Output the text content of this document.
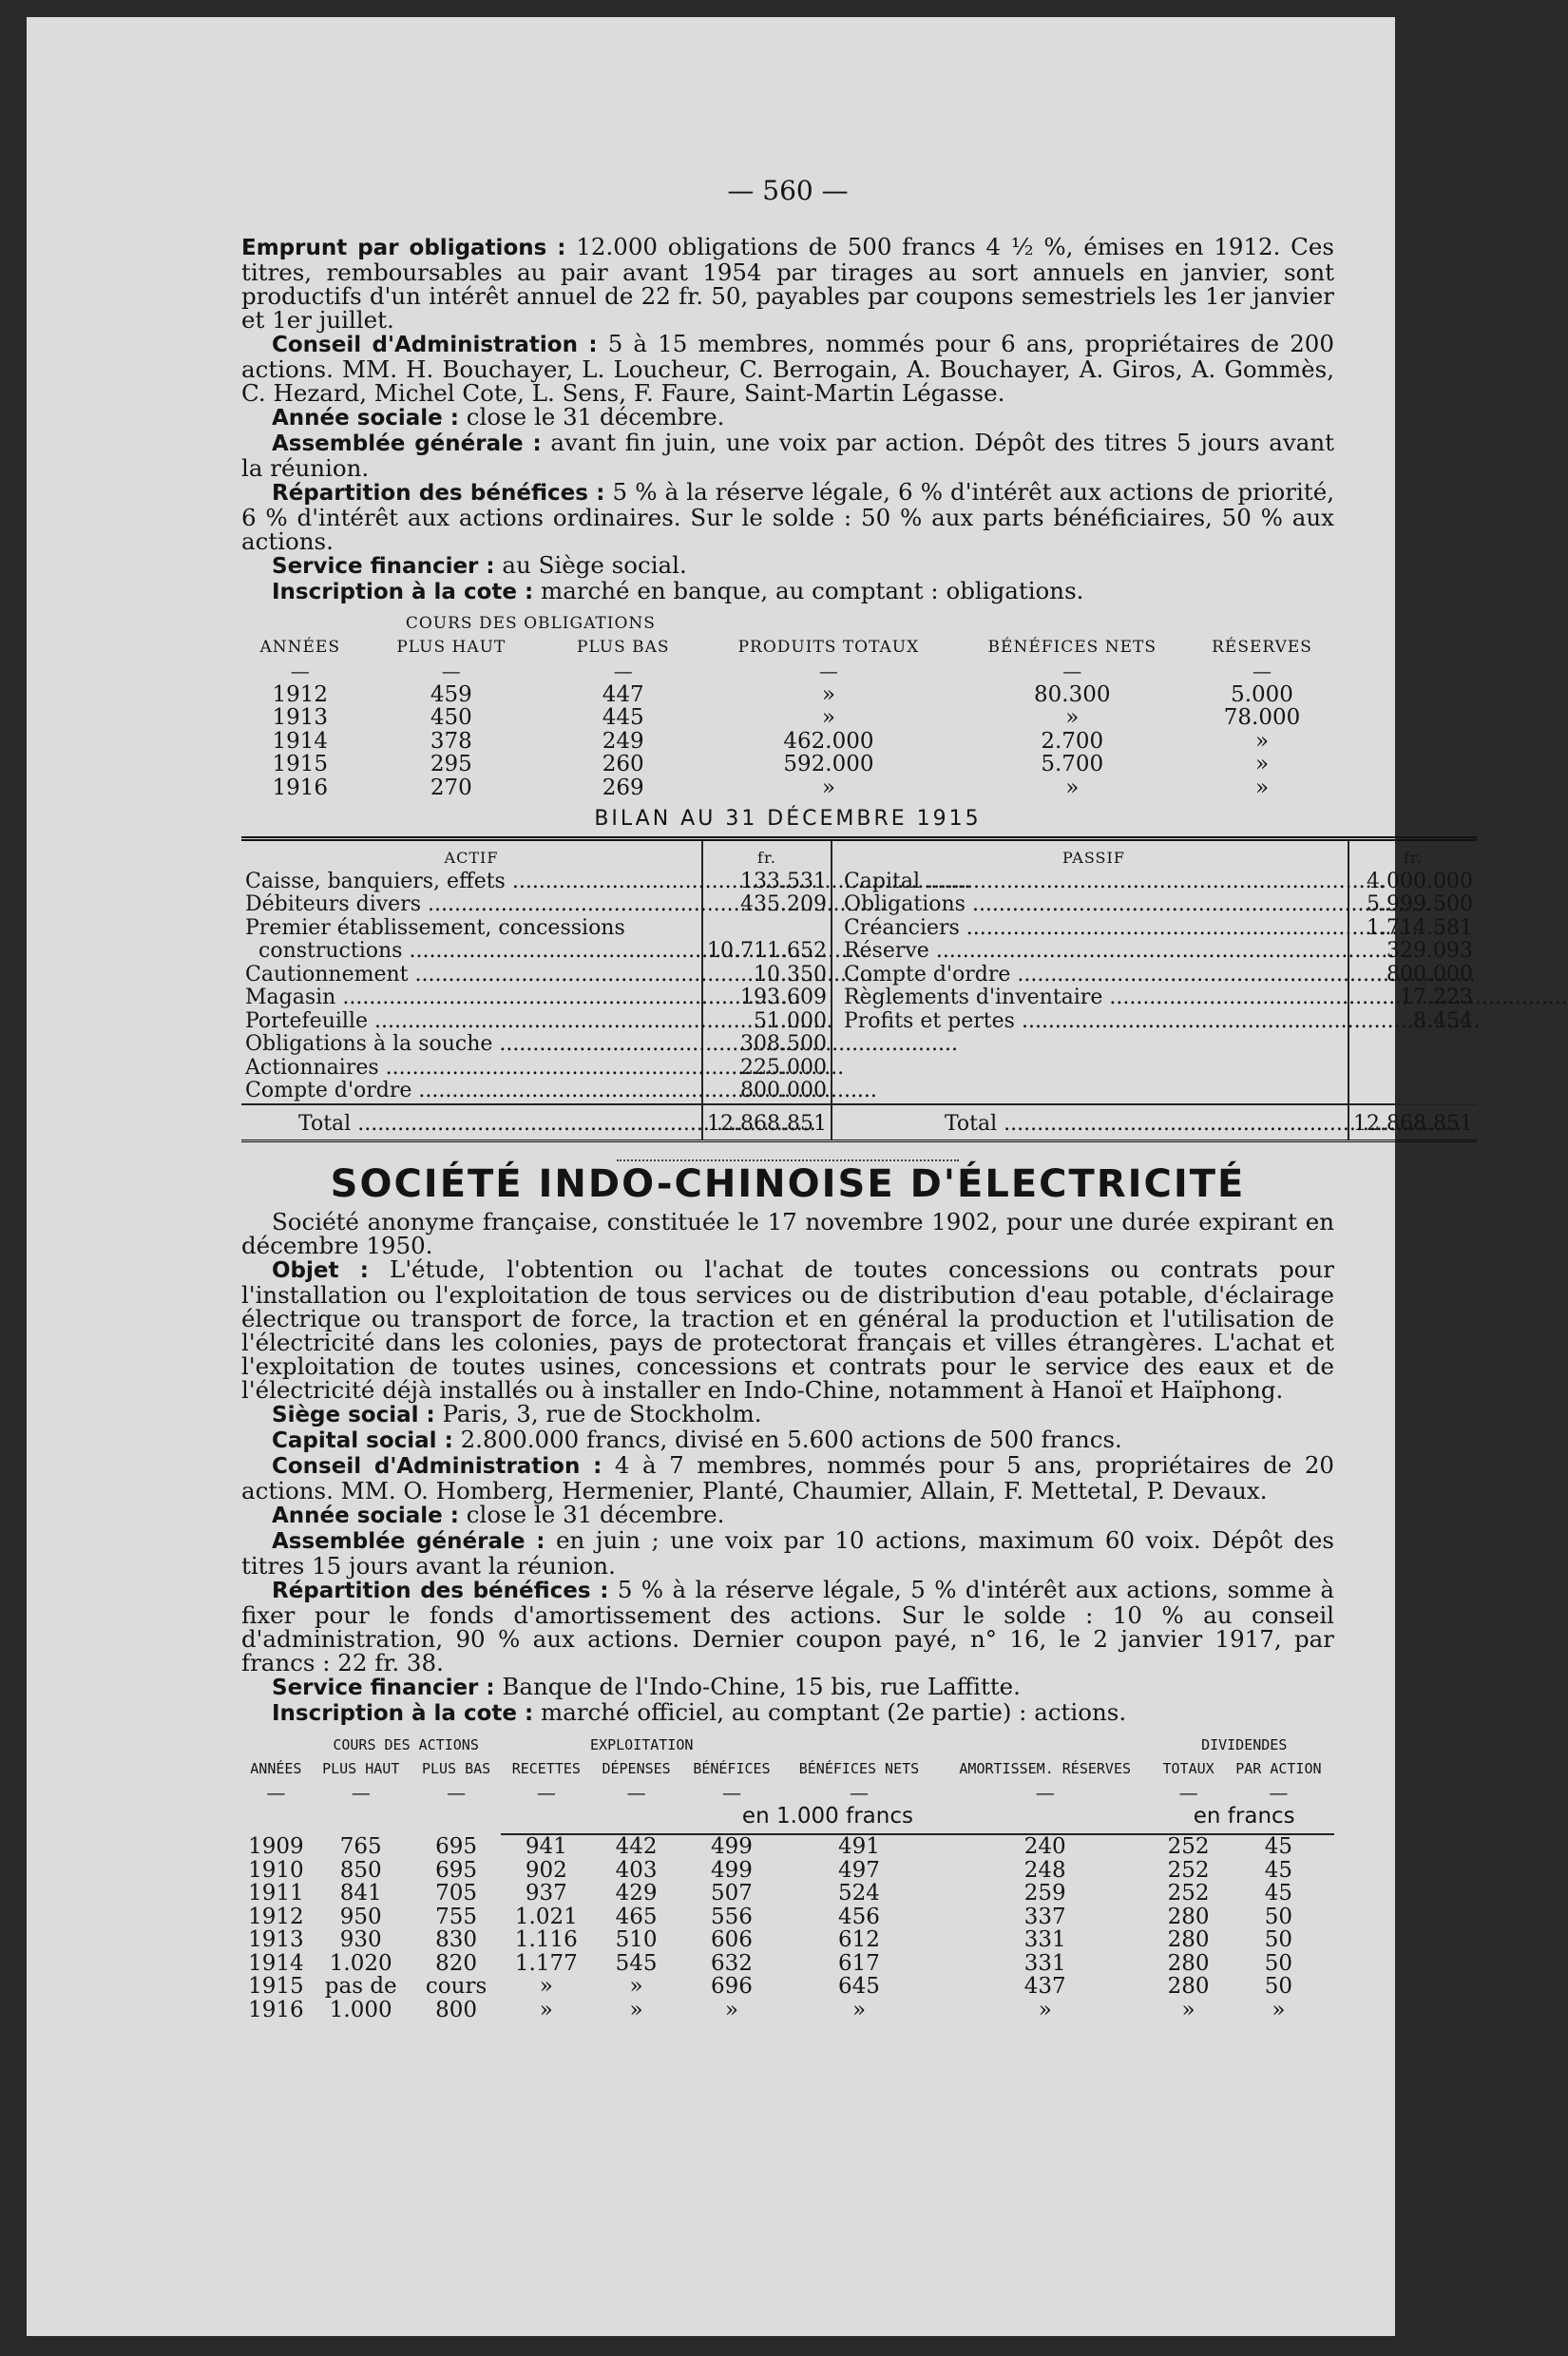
— 560 —

Emprunt par obligations : 12.000 obligations de 500 francs 4 ½ %, émises en 1912. Ces titres, remboursables au pair avant 1954 par tirages au sort annuels en janvier, sont productifs d'un intérêt annuel de 22 fr. 50, payables par coupons semestriels les 1er janvier et 1er juillet.

Conseil d'Administration : 5 à 15 membres, nommés pour 6 ans, propriétaires de 200 actions. MM. H. Bouchayer, L. Loucheur, C. Berrogain, A. Bouchayer, A. Giros, A. Gommès, C. Hezard, Michel Cote, L. Sens, F. Faure, Saint-Martin Légasse.

Année sociale : close le 31 décembre.

Assemblée générale : avant fin juin, une voix par action. Dépôt des titres 5 jours avant la réunion.

Répartition des bénéfices : 5 % à la réserve légale, 6 % d'intérêt aux actions de priorité, 6 % d'intérêt aux actions ordinaires. Sur le solde : 50 % aux parts bénéficiaires, 50 % aux actions.

Service financier : au Siège social.

Inscription à la cote : marché en banque, au comptant : obligations.

	COURS DES OBLIGATIONS				
ANNÉES	PLUS HAUT	PLUS BAS	PRODUITS TOTAUX	BÉNÉFICES NETS	RÉSERVES
—	—	—	—	—	—
1912	459	447	»	80.300	5.000
1913	450	445	»	»	78.000
1914	378	249	462.000	2.700	»
1915	295	260	592.000	5.700	»
1916	270	269	»	»	»
BILAN AU 31 DÉCEMBRE 1915
ACTIF	fr.		PASSIF	fr.
Caisse, banquiers, effets .....	133.531		Capital .....	4.000.000
Débiteurs divers .....	435.209		Obligations .....	5.999.500
Premier établissement, concessions			Créanciers .....	1.714.581
constructions .....	10.711.652		Réserve .....	329.093
Cautionnement .....	10.350		Compte d'ordre .....	800.000
Magasin .....	193.609		Règlements d'inventaire .....	17.223
Portefeuille .....	51.000		Profits et pertes .....	8.454
Obligations à la souche .....	308.500			
Actionnaires .....	225.000			
Compte d'ordre .....	800.000			
Total .....	12.868.851		Total .....	12.868.851
SOCIÉTÉ INDO-CHINOISE D'ÉLECTRICITÉ

Société anonyme française, constituée le 17 novembre 1902, pour une durée expirant en décembre 1950.

Objet : L'étude, l'obtention ou l'achat de toutes concessions ou contrats pour l'installation ou l'exploitation de tous services ou de distribution d'eau potable, d'éclairage électrique ou transport de force, la traction et en général la production et l'utilisation de l'électricité dans les colonies, pays de protectorat français et villes étrangères. L'achat et l'exploitation de toutes usines, concessions et contrats pour le service des eaux et de l'électricité déjà installés ou à installer en Indo-Chine, notamment à Hanoï et Haïphong.

Siège social : Paris, 3, rue de Stockholm.

Capital social : 2.800.000 francs, divisé en 5.600 actions de 500 francs.

Conseil d'Administration : 4 à 7 membres, nommés pour 5 ans, propriétaires de 20 actions. MM. O. Homberg, Hermenier, Planté, Chaumier, Allain, F. Mettetal, P. Devaux.

Année sociale : close le 31 décembre.

Assemblée générale : en juin ; une voix par 10 actions, maximum 60 voix. Dépôt des titres 15 jours avant la réunion.

Répartition des bénéfices : 5 % à la réserve légale, 5 % d'intérêt aux actions, somme à fixer pour le fonds d'amortissement des actions. Sur le solde : 10 % au conseil d'administration, 90 % aux actions. Dernier coupon payé, n° 16, le 2 janvier 1917, par francs : 22 fr. 38.

Service financier : Banque de l'Indo-Chine, 15 bis, rue Laffitte.

Inscription à la cote : marché officiel, au comptant (2e partie) : actions.

	COURS DES ACTIONS		EXPLOITATION					DIVIDENDES	
ANNÉES	PLUS HAUT	PLUS BAS	RECETTES	DÉPENSES	BÉNÉFICES	BÉNÉFICES NETS	AMORTISSEM. RÉSERVES	TOTAUX	PAR ACTION
—	—	—	—	—	—	—	—	—	—
			en 1.000 francs					en francs	
1909	765	695	941	442	499	491	240	252	45
1910	850	695	902	403	499	497	248	252	45
1911	841	705	937	429	507	524	259	252	45
1912	950	755	1.021	465	556	456	337	280	50
1913	930	830	1.116	510	606	612	331	280	50
1914	1.020	820	1.177	545	632	617	331	280	50
1915	pas de	cours	»	»	696	645	437	280	50
1916	1.000	800	»	»	»	»	»	»	»
